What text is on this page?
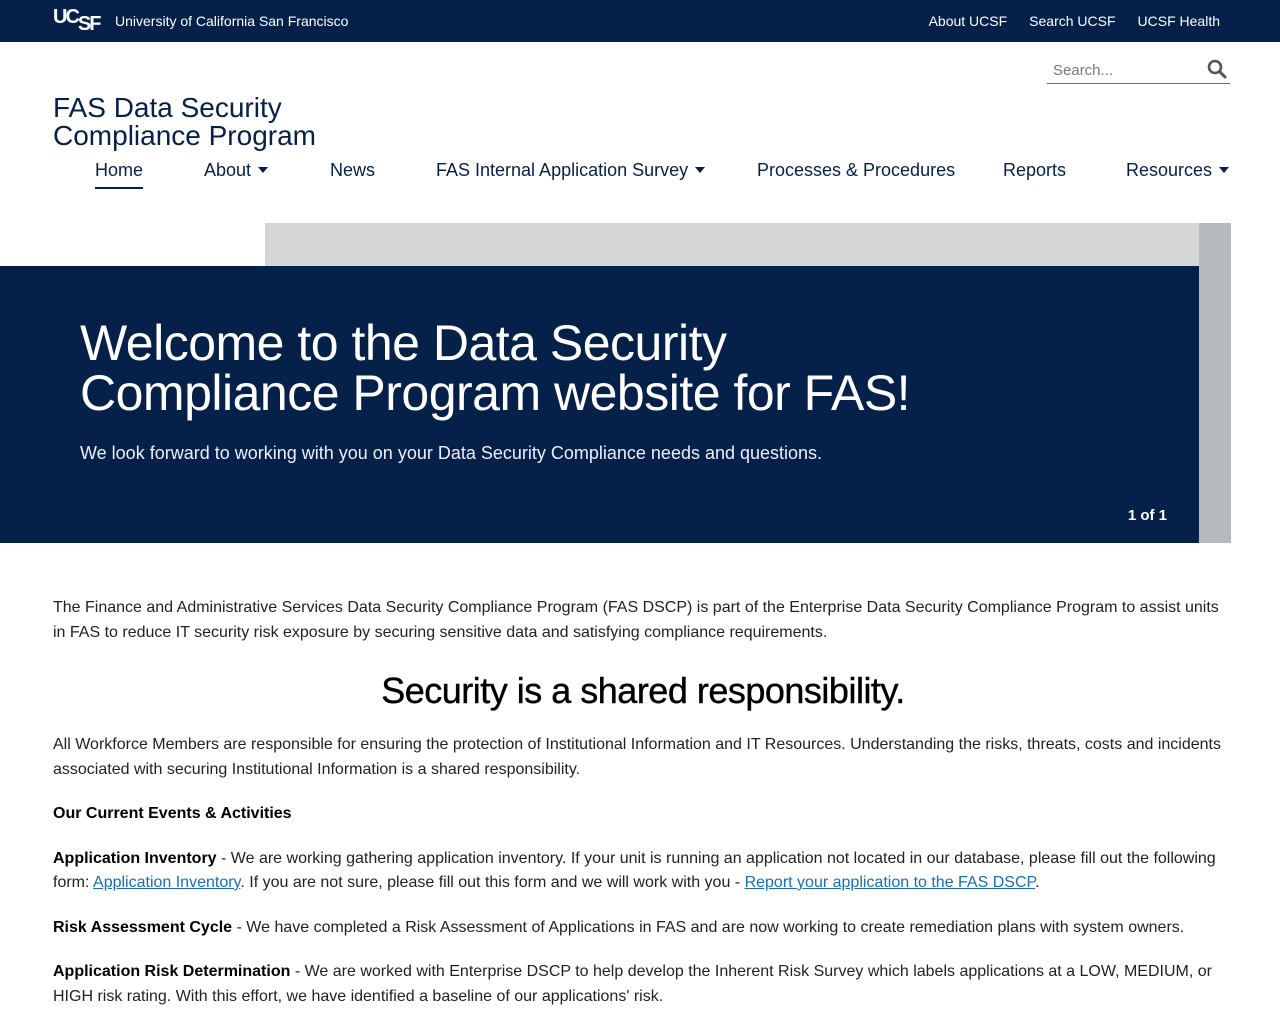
UCSF University of California San Francisco	About UCSF Search UCSF UCSF Health
Search...
FAS Data Security
Compliance Program
Home	About	News	FAS Internal Application Survey	Processes & Procedures	Reports	Resources
Welcome to the Data Security Compliance Program website for FAS!
We look forward to working with you on your Data Security Compliance needs and questions.
1 of 1

The Finance and Administrative Services Data Security Compliance Program (FAS DSCP) is part of the Enterprise Data Security Compliance Program to assist units in FAS to reduce IT security risk exposure by securing sensitive data and satisfying compliance requirements.

Security is a shared responsibility.

All Workforce Members are responsible for ensuring the protection of Institutional Information and IT Resources. Understanding the risks, threats, costs and incidents associated with securing Institutional Information is a shared responsibility.

Our Current Events & Activities

Application Inventory - We are working gathering application inventory. If your unit is running an application not located in our database, please fill out the following form: Application Inventory. If you are not sure, please fill out this form and we will work with you - Report your application to the FAS DSCP.

Risk Assessment Cycle - We have completed a Risk Assessment of Applications in FAS and are now working to create remediation plans with system owners.

Application Risk Determination - We are worked with Enterprise DSCP to help develop the Inherent Risk Survey which labels applications at a LOW, MEDIUM, or HIGH risk rating. With this effort, we have identified a baseline of our applications' risk.
